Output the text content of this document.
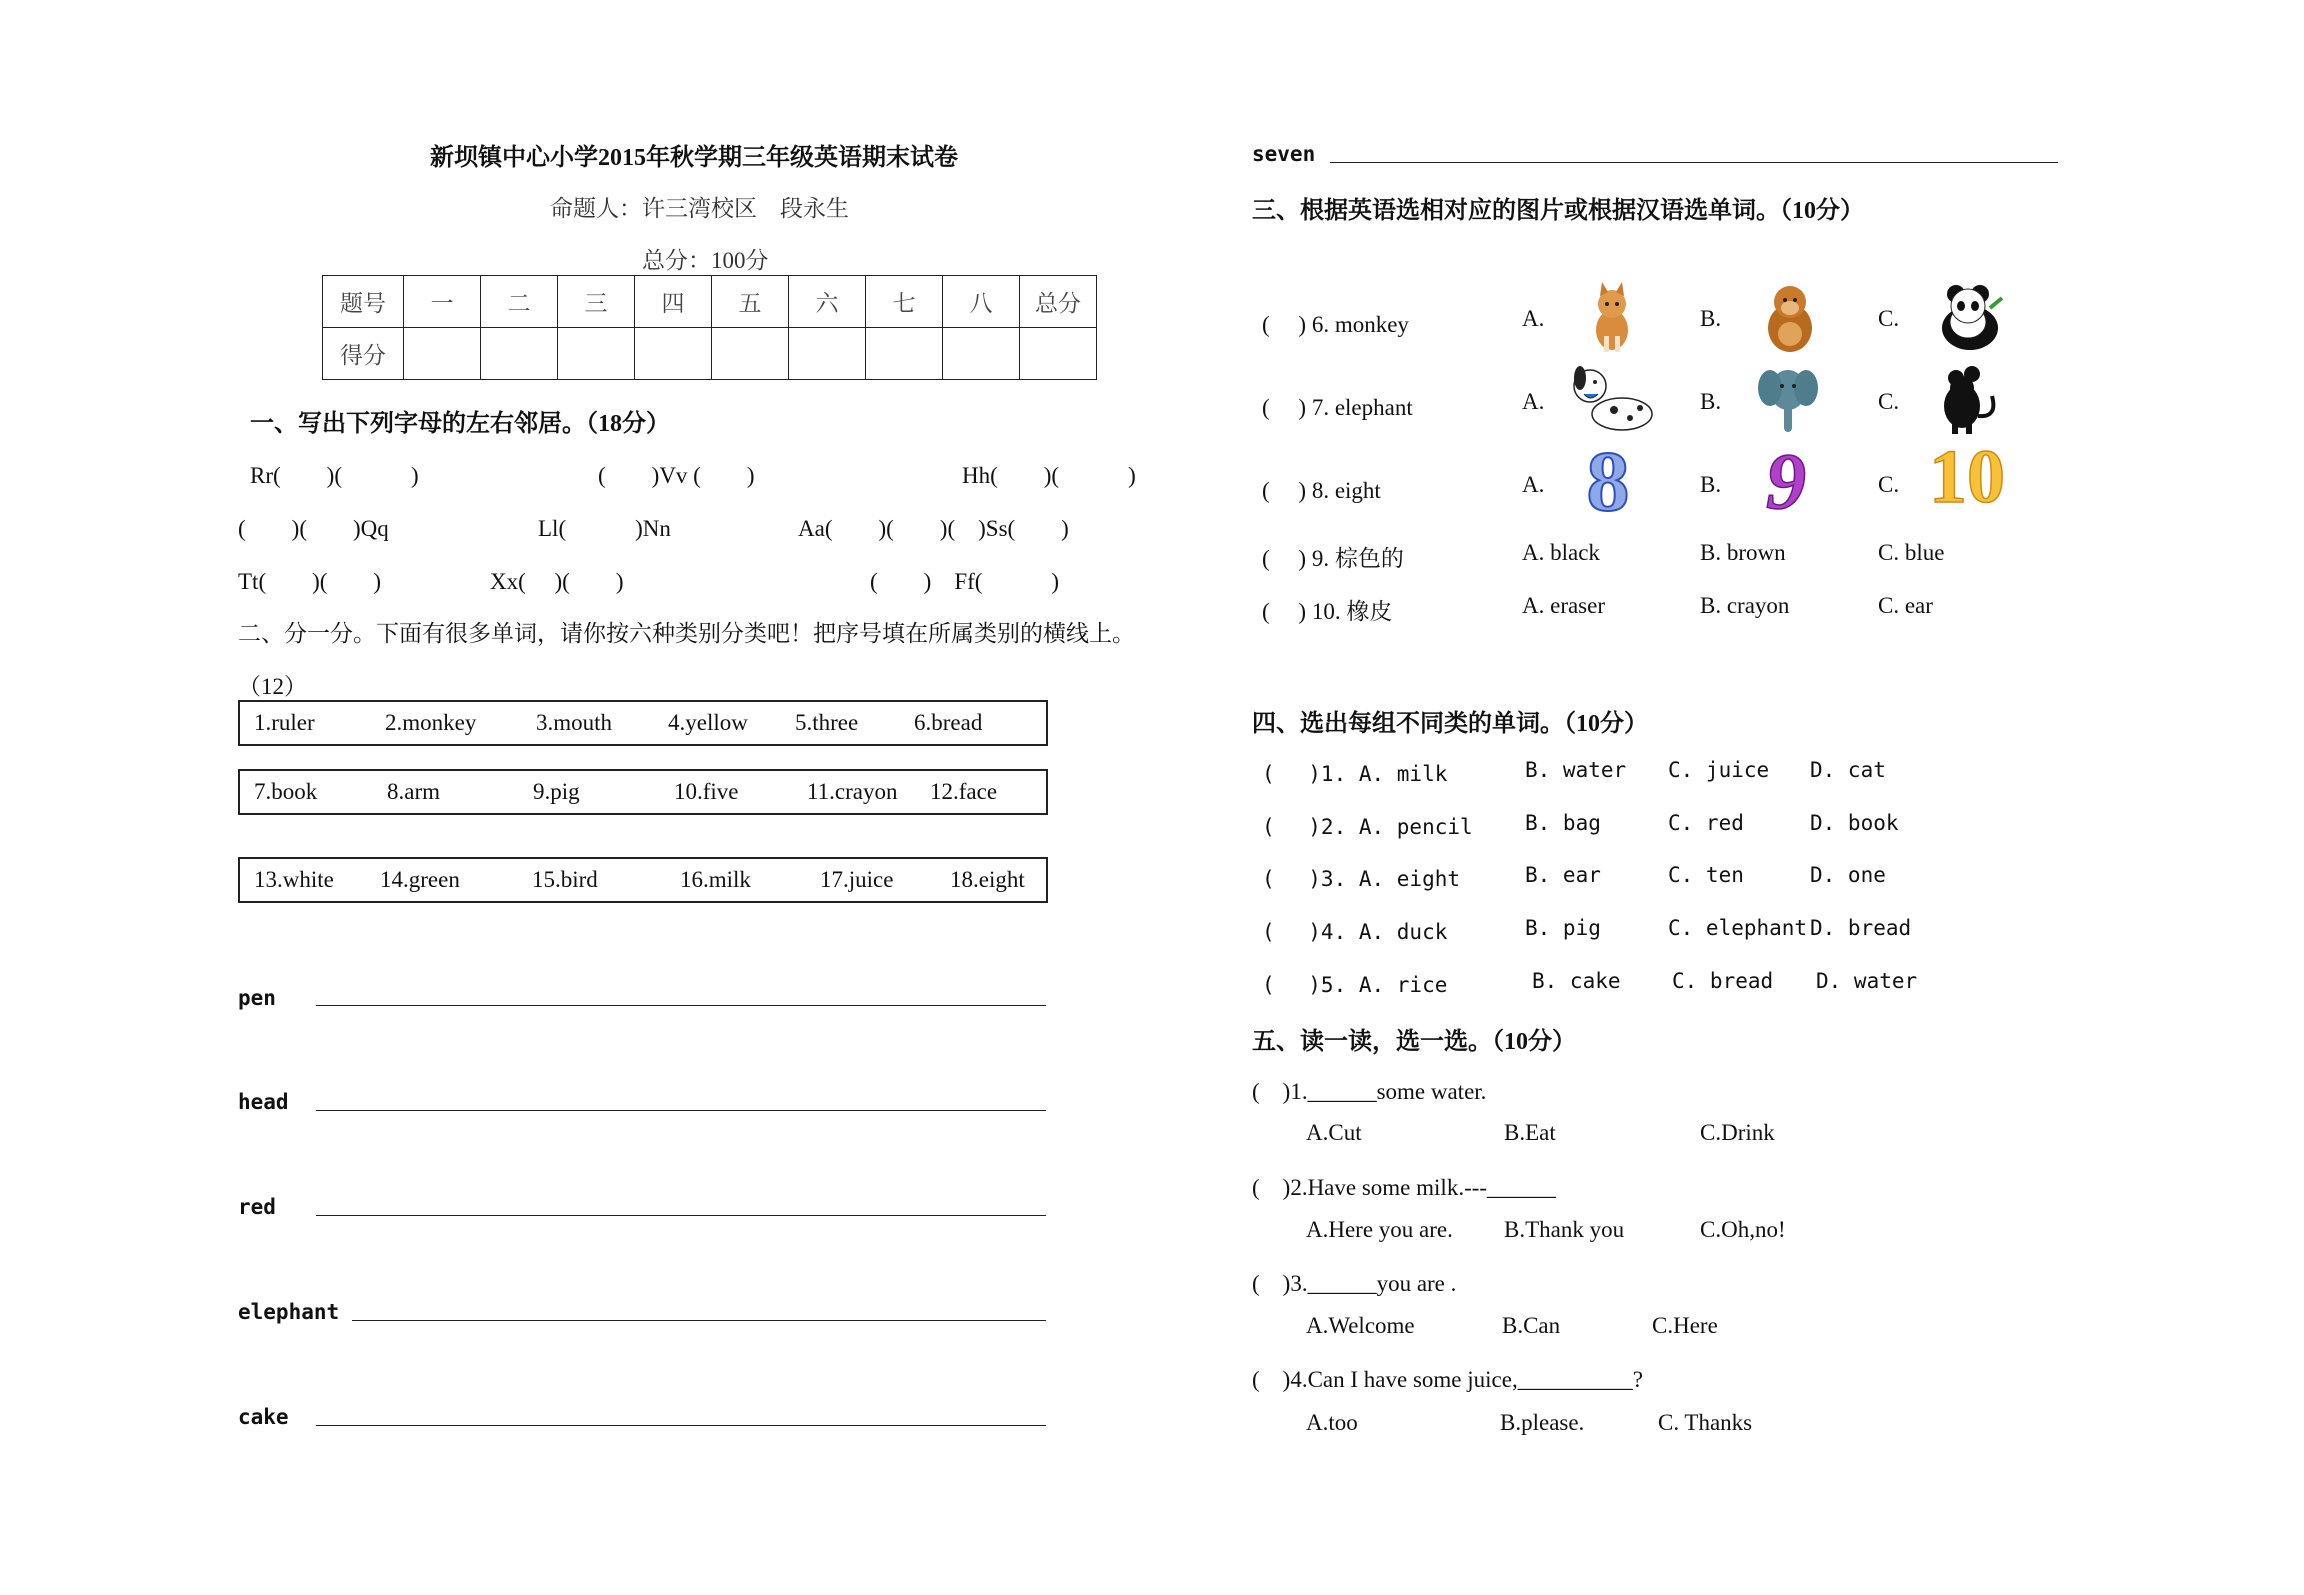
新坝镇中心小学2015年秋学期三年级英语期末试卷
命题人：许三湾校区　段永生
总分：100分
题号	一	二	三	四	五	六	七	八	总分
得分									
一、写出下列字母的左右邻居。（18分）
Rr(　　)(　　　)	(　　)Vv (　　)	Hh(　　)(　　　)
(　　)(　　)Qq	Ll(　　　)Nn	Aa(　　)(　　)(　)Ss(　　)
Tt(　　)(　　)	Xx(　 )(　　)	(　　)　Ff(　　　)
二、分一分。下面有很多单词，请你按六种类别分类吧！把序号填在所属类别的横线上。
（12）
1.ruler	2.monkey	3.mouth 4.yellow 5.three 6.bread
7.book	8.arm	9.pig	10.five	11.crayon 12.face
13.white 14.green	15.bird	16.milk	17.juice 18.eight
pen
head
red
elephant
cake
seven
三、根据英语选相对应的图片或根据汉语选单词。（10分）
(　 ) 6. monkey	A.	B.	C.
(　 ) 7. elephant	A.	B.	C.
(　 ) 8. eight	A.	B.	C.
(　 ) 9. 棕色的	A. black	B. brown	C. blue
(　 ) 10. 橡皮	A. eraser	B. crayon	C. ear
8 9 10
四、选出每组不同类的单词。（10分）
(　 )1. A. milk	B. water C. juice D. cat
(　 )2. A. pencil B. bag	C. red	D. book
(　 )3. A. eight	B. ear	C. ten	D. one
(　 )4. A. duck	B. pig	C. elephant D. bread
(　 )5. A. rice	B. cake C. bread D. water
五、读一读，选一选。（10分）
(　)1.______some water.
A.Cut	B.Eat	C.Drink
(　)2.Have some milk.---______
A.Here you are. B.Thank you	C.Oh,no!
(　)3.______you are .
A.Welcome	B.Can	C.Here
(　)4.Can I have some juice,__________?
A.too	B.please.	C. Thanks
